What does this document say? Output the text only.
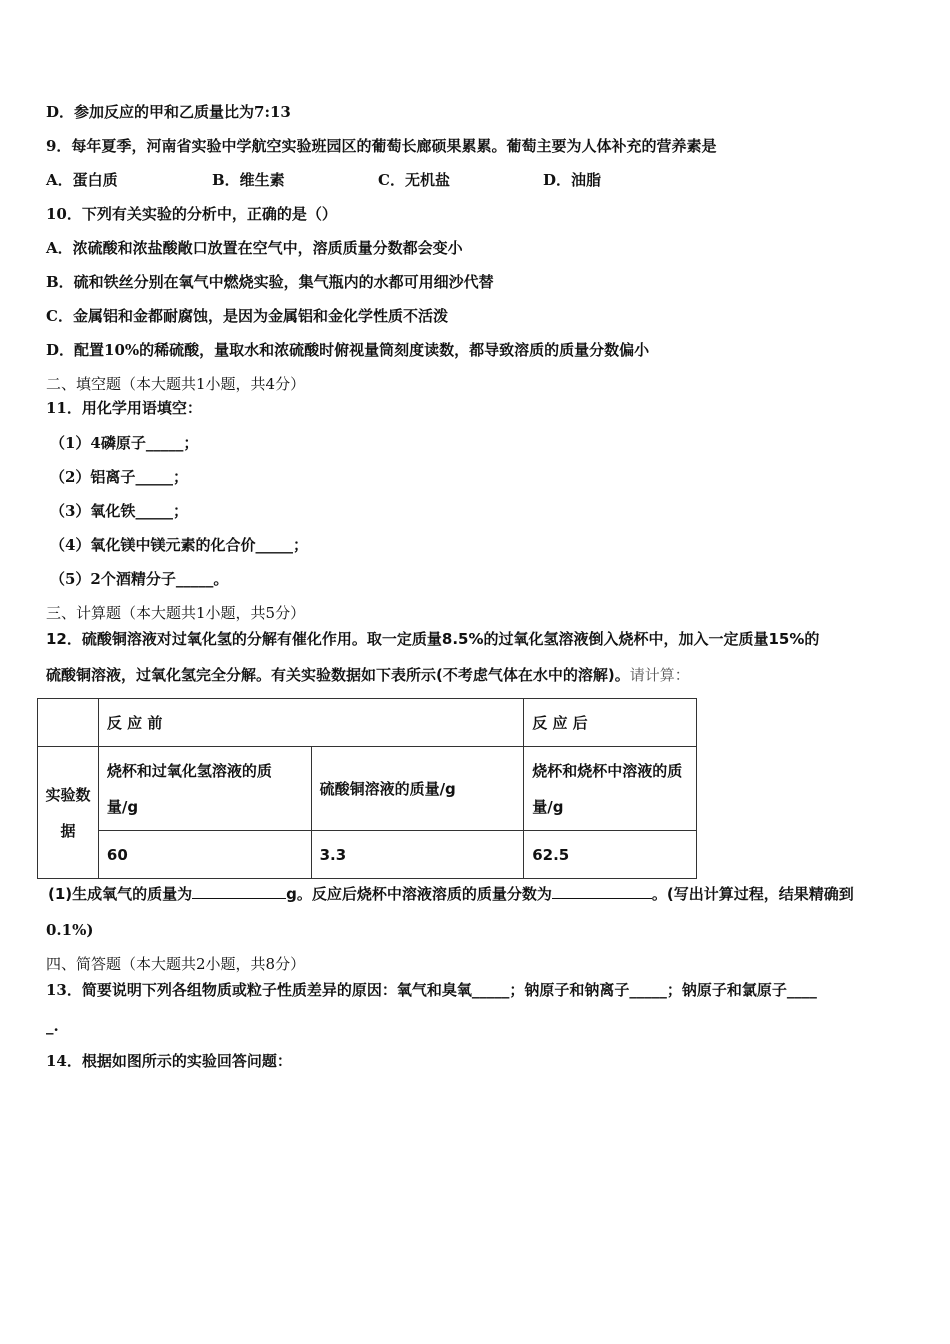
D．参加反应的甲和乙质量比为7:13
9．每年夏季，河南省实验中学航空实验班园区的葡萄长廊硕果累累。葡萄主要为人体补充的营养素是
A．蛋白质	B．维生素	C．无机盐	D．油脂
10．下列有关实验的分析中，正确的是（）
A．浓硫酸和浓盐酸敞口放置在空气中，溶质质量分数都会变小
B．硫和铁丝分别在氧气中燃烧实验，集气瓶内的水都可用细沙代替
C．金属铝和金都耐腐蚀，是因为金属铝和金化学性质不活泼
D．配置10%的稀硫酸，量取水和浓硫酸时俯视量筒刻度读数，都导致溶质的质量分数偏小
二、填空题（本大题共1小题，共4分）
11．用化学用语填空：
（1）4磷原子_____；
（2）铝离子_____；
（3）氧化铁_____；
（4）氧化镁中镁元素的化合价_____；
（5）2个酒精分子_____。
三、计算题（本大题共1小题，共5分）
12．硫酸铜溶液对过氧化氢的分解有催化作用。取一定质量8.5%的过氧化氢溶液倒入烧杯中，加入一定质量15%的
硫酸铜溶液，过氧化氢完全分解。有关实验数据如下表所示(不考虑气体在水中的溶解)。请计算：
	反 应 前		反 应 后
实验数据	烧杯和过氧化氢溶液的质量/g	硫酸铜溶液的质量/g	烧杯和烧杯中溶液的质量/g
	60	3.3	62.5
(1)生成氧气的质量为	g。反应后烧杯中溶液溶质的质量分数为	。(写出计算过程，结果精确到
0.1%)
四、简答题（本大题共2小题，共8分）
13．简要说明下列各组物质或粒子性质差异的原因：氧气和臭氧_____；钠原子和钠离子_____；钠原子和氯原子____
_.
14．根据如图所示的实验回答问题：
